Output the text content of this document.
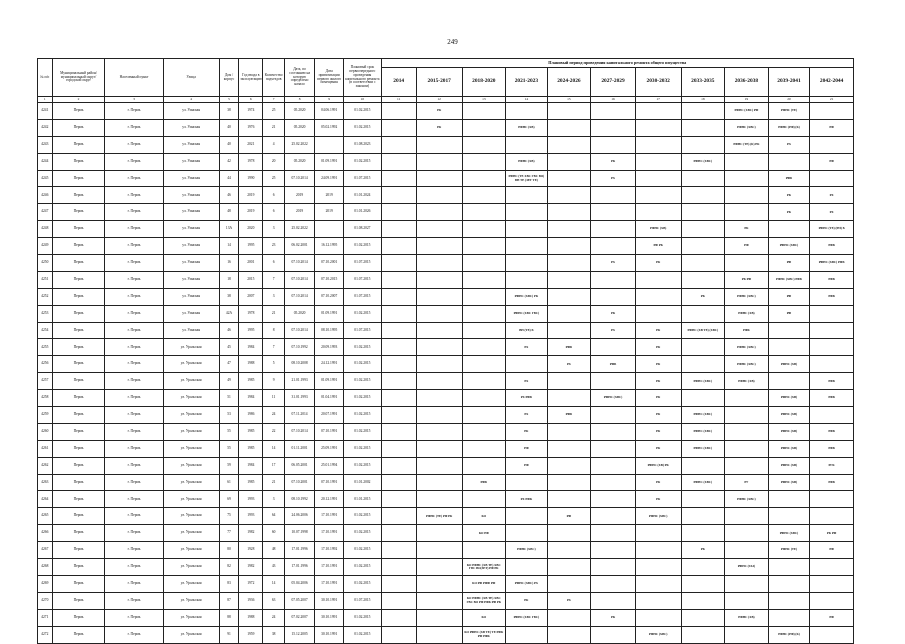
249
№ п/п	Муниципальный район/муниципальный округ/городской округ	Населенный пункт	Улица	Дом / корпус	Год ввода в эксплуатацию	Количество подъездов	Дата, по состоянию на которую определено начало	Дата приватизации первого жилого помещения	Плановый срок первоочередного проведения капитального ремонта (в соответствии с законом)	Плановый период проведения капитального ремонта общего имущества										
										2014	2015-2017	2018-2020	2021-2023	2024-2026	2027-2029	2030-2032	2033-2035	2036-2038	2039-2041	2042-2044
1	2	3	4	5	6	7	8	9	10	11	12	13	14	15	16	17	18	19	20	21
4241	Пермь	г. Пермь	ул. Уинская	38	1974	25	05.2020	04.06.1991	01.02.2015		РК							РФНС (ХВС) РФ	РФНС (ТЕ)	
4242	Пермь	г. Пермь	ул. Уинская	40	1976	21	05.2020	05.02.1992	01.02.2015		РК		РФНС (ХВ)					РФНС (ХВС)	РФНС (РФ) (К)	РФ
4243	Пермь	г. Пермь	ул. Уинская	40	2021	4	25.02.2022		01.08.2023									РФНС (ТЕ) (К) РК	РХ	
4244	Пермь	г. Пермь	ул. Уинская	42	1978	20	05.2020	01.09.1991	01.02.2015				РФНС (ХВ)		РК		РФНС (ХВС)			РФ
4245	Пермь	г. Пермь	ул. Уинская	44	1990	25	07.10.2014	24.09.1991	01.07.2015				РФНС (ТЕ ХВС ГВС ВО) ВН ТЕ (ЗЕТ ТЕ)		РХ				РФБ	
4246	Пермь	г. Пермь	ул. Уинская	46	2019	6	2019	2019	01.01.2024										РК	РХ
4247	Пермь	г. Пермь	ул. Уинская	48	2019	6	2019	2019	01.01.2026										РК	РХ
4248	Пермь	г. Пермь	ул. Уинская	13А	2020	3	25.02.2022		01.08.2027							РФНС (ХВ)		РК		РФНС (ТЕ) (РП) Б
4249	Пермь	г. Пермь	ул. Уинская	14	1995	23	06.02.2001	16.12.1995	01.02.2015							РФ РК		РФ	РФНС (ХВС)	РФБ
4250	Пермь	г. Пермь	ул. Уинская	16	2001	6	07.10.2014	07.10.2001	01.07.2015						РХ	РК			РФ	РФНС (ХВС) РФБ
4251	Пермь	г. Пермь	ул. Уинская	18	2015	7	07.10.2014	07.10.2015	01.07.2015									РК РФ	РФНС (ХВС) РФБ	РФБ
4252	Пермь	г. Пермь	ул. Уинская	38	2007	3	07.10.2014	07.10.2007	01.07.2015				РФНС (ХВС) РК				РК	РФНС (ХВС)	РФ	РФБ
4253	Пермь	г. Пермь	ул. Уинская	42А	1978	21	05.2020	01.09.1991	01.02.2015				РФНС (ХВС ГВС)		РК			РФНС (ХВ)	РФ	
4254	Пермь	г. Пермь	ул. Уинская	46	1995	8	07.10.2014	08.10.1995	01.07.2015				ВН (ТЕ) Б		РХ	РК	РФНС (ХВ ТЕ) (ХВС)	РФК		
4255	Пермь	г. Пермь	ул. Уральская	45	1984	7	07.10.1992	20.09.1993	01.02.2015				РХ	РФБ		РК		РФНС (ХВС)		
4256	Пермь	г. Пермь	ул. Уральская	47	1988	5	08.10.2008	24.12.1991	01.02.2015					РХ	РФБ	РК		РФНС (ХВС)	РФНС (ХВ)	
4257	Пермь	г. Пермь	ул. Уральская	49	1985	9	21.01.1993	01.09.1991	01.02.2015				РХ			РК	РФНС (ХВС)	РФНС (ХВ)		РФБ
4258	Пермь	г. Пермь	ул. Уральская	51	1984	11	31.01.1993	01.04.1991	01.02.2015				РХ РФБ		РФНС (ХВС)	РК			РФНС (ХВ)	РФБ
4259	Пермь	г. Пермь	ул. Уральская	53	1986	24	07.11.2014	20.07.1991	01.02.2015				РХ	РФБ		РК	РФНС (ХВС)		РФНС (ХВ)	
4260	Пермь	г. Пермь	ул. Уральская	55	1985	22	07.10.2014	07.10.1991	01.02.2015				РК			РК	РФНС (ХВС)		РФНС (ХВ)	РФБ
4261	Пермь	г. Пермь	ул. Уральская	55	1985	14	01.11.2001	25.09.1991	01.02.2015				РФ			РК	РФНС (ХВС)		РФНС (ХВ)	РФБ
4262	Пермь	г. Пермь	ул. Уральская	59	1984	17	06.05.2001	25.01.1994	01.02.2015				РФ			РФНС (ХВ) РК			РФНС (ХВ)	РГК
4263	Пермь	г. Пермь	ул. Уральская	61	1985	21	07.10.2001	07.10.1991	01.01.2002			РФБ				РК	РФНС (ХВС)	РУ	РФНС (ХВ)	РФБ
4264	Пермь	г. Пермь	ул. Уральская	69	1993	3	08.10.1992	20.12.1991	01.01.2015				РХ РФК			РК		РФНС (ХВС)		
4265	Пермь	г. Пермь	ул. Уральская	75	1993	64	24.06.2006	17.10.1991	01.02.2015		РФНС (ТЕ) РФ РК	КО		РФ		РФНС (ХВС)				
4266	Пермь	г. Пермь	ул. Уральская	77	1982	60	10.07.1998	17.10.1991	01.02.2015			КО РФ							РФНС (ХВС)	РК РФ
4267	Пермь	г. Пермь	ул. Уральская	80	1928	48	17.01.1996	17.10.1992	01.02.2015				РФНС (ХВС)				РК		РФНС (ТЕ)	РФ
4268	Пермь	г. Пермь	ул. Уральская	82	1982	43	17.01.1996	17.10.1991	01.02.2015			КО РФНС (ХВ ТЕ) ХВС ГВС ВО(ЗЕТ) РФ РК						РФНС (ГАЗ)		
4269	Пермь	г. Пермь	ул. Уральская	83	1972	14	05.04.2006	17.10.1991	01.02.2015			КО РФ РФФ РФ	РФНС (ХВС) РХ							
4270	Пермь	г. Пермь	ул. Уральская	87	1936	63	07.05.2007	30.10.1991	01.07.2015			КО РФНС (ХВ ТЕ) ХВС ГВС ВО РФ РФК РФ РК	РК	РХ						
4271	Пермь	г. Пермь	ул. Уральская	88	1988	24	07.02.2007	30.10.1991	01.02.2015			КО	РФНС (ХВС ГВС)		РК			РФНС (ХВ)		РФ
4272	Пермь	г. Пермь	ул. Уральская	91	1959	38	15.12.2005	30.10.1991	01.02.2015			КО РФНС (ХВ ТЕ) ТЕ РФК РФ РФК				РФНС (ХВС)			РФНС (РФ) (К)	
